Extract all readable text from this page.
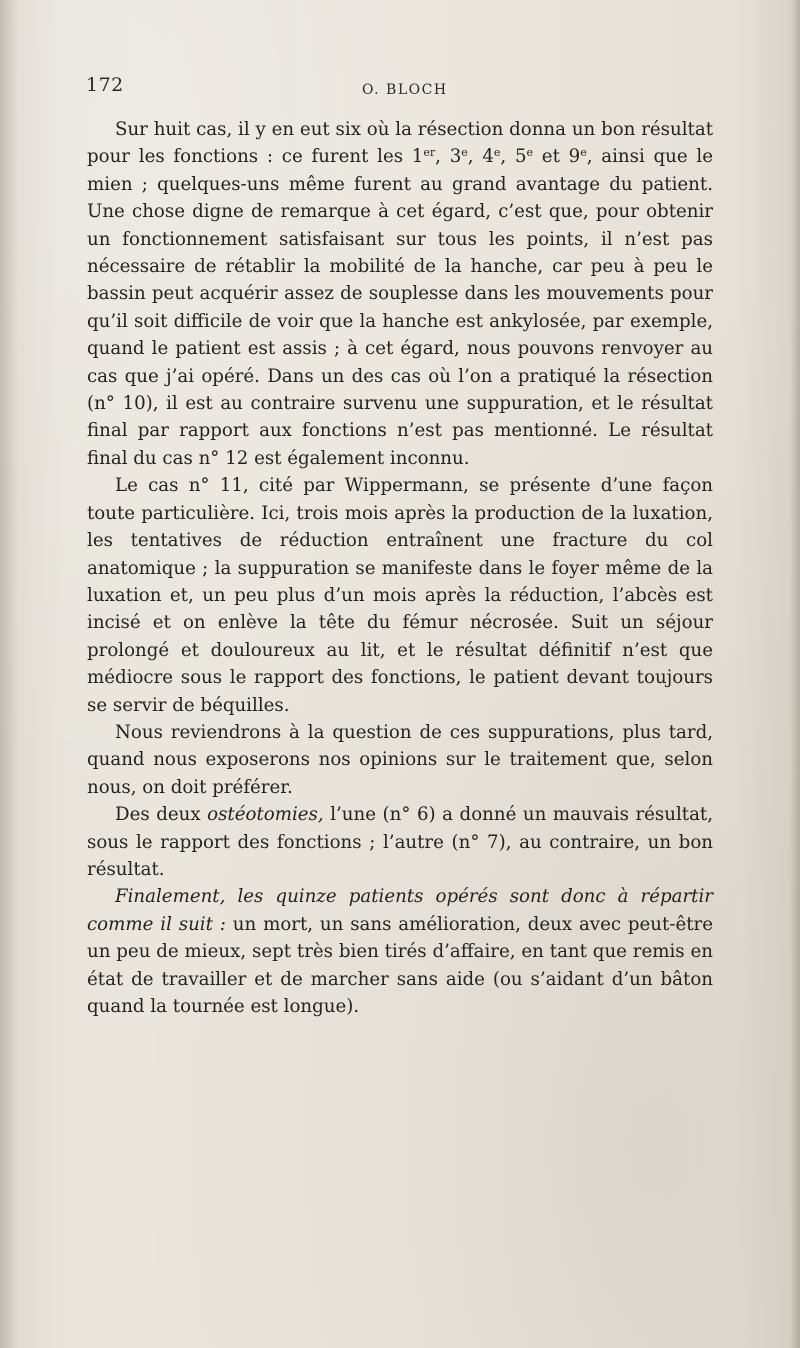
172	O. BLOCH

Sur huit cas, il y en eut six où la résection donna un bon résultat pour les fonctions : ce furent les 1er, 3e, 4e, 5e et 9e, ainsi que le mien ; quelques-uns même furent au grand avantage du patient. Une chose digne de remarque à cet égard, c’est que, pour obtenir un fonctionnement satisfaisant sur tous les points, il n’est pas nécessaire de rétablir la mobilité de la hanche, car peu à peu le bassin peut acquérir assez de souplesse dans les mouvements pour qu’il soit difficile de voir que la hanche est ankylosée, par exemple, quand le patient est assis ; à cet égard, nous pouvons renvoyer au cas que j’ai opéré. Dans un des cas où l’on a pratiqué la résection (n° 10), il est au contraire survenu une suppuration, et le résultat final par rapport aux fonctions n’est pas mentionné. Le résultat final du cas n° 12 est également inconnu.

Le cas n° 11, cité par Wippermann, se présente d’une façon toute particulière. Ici, trois mois après la production de la luxation, les tentatives de réduction entraînent une fracture du col anatomique ; la suppuration se manifeste dans le foyer même de la luxation et, un peu plus d’un mois après la réduction, l’abcès est incisé et on enlève la tête du fémur nécrosée. Suit un séjour prolongé et douloureux au lit, et le résultat définitif n’est que médiocre sous le rapport des fonctions, le patient devant toujours se servir de béquilles.

Nous reviendrons à la question de ces suppurations, plus tard, quand nous exposerons nos opinions sur le traitement que, selon nous, on doit préférer.

Des deux ostéotomies, l’une (n° 6) a donné un mauvais résultat, sous le rapport des fonctions ; l’autre (n° 7), au contraire, un bon résultat.

Finalement, les quinze patients opérés sont donc à répartir comme il suit : un mort, un sans amélioration, deux avec peut-être un peu de mieux, sept très bien tirés d’affaire, en tant que remis en état de travailler et de marcher sans aide (ou s’aidant d’un bâton quand la tournée est longue).
